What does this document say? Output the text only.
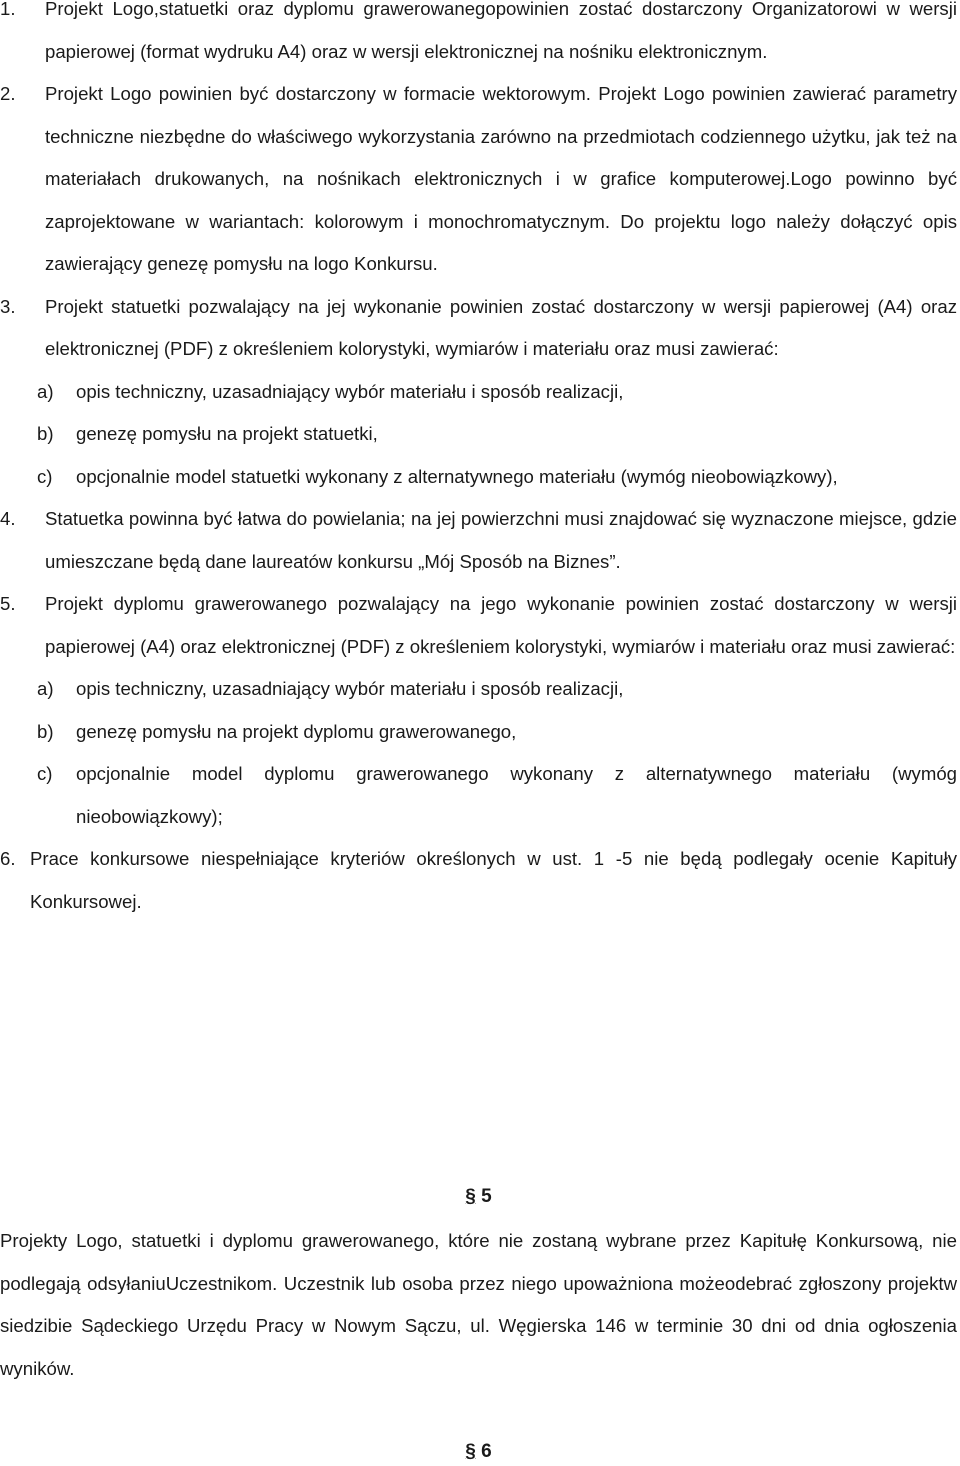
1. Projekt Logo,statuetki oraz dyplomu grawerowanegopowinien zostać dostarczony Organizatorowi w wersji papierowej (format wydruku A4) oraz w wersji elektronicznej na nośniku elektronicznym.
2. Projekt Logo powinien być dostarczony w formacie wektorowym. Projekt Logo powinien zawierać parametry techniczne niezbędne do właściwego wykorzystania zarówno na przedmiotach codziennego użytku, jak też na materiałach drukowanych, na nośnikach elektronicznych i w grafice komputerowej.Logo powinno być zaprojektowane w wariantach: kolorowym i monochromatycznym. Do projektu logo należy dołączyć opis zawierający genezę pomysłu na logo Konkursu.
3. Projekt statuetki pozwalający na jej wykonanie powinien zostać dostarczony w wersji papierowej (A4) oraz elektronicznej (PDF) z określeniem kolorystyki, wymiarów i materiału oraz musi zawierać:
a) opis techniczny, uzasadniający wybór materiału i sposób realizacji,
b) genezę pomysłu na projekt statuetki,
c) opcjonalnie model statuetki wykonany z alternatywnego materiału (wymóg nieobowiązkowy),
4. Statuetka powinna być łatwa do powielania; na jej powierzchni musi znajdować się wyznaczone miejsce, gdzie umieszczane będą dane laureatów konkursu „Mój Sposób na Biznes”.
5. Projekt dyplomu grawerowanego pozwalający na jego wykonanie powinien zostać dostarczony w wersji papierowej (A4) oraz elektronicznej (PDF) z określeniem kolorystyki, wymiarów i materiału oraz musi zawierać:
a) opis techniczny, uzasadniający wybór materiału i sposób realizacji,
b) genezę pomysłu na projekt dyplomu grawerowanego,
c) opcjonalnie model dyplomu grawerowanego wykonany z alternatywnego materiału (wymóg nieobowiązkowy);
6. Prace konkursowe niespełniające kryteriów określonych w ust. 1 -5 nie będą podlegały ocenie Kapituły Konkursowej.
§ 5
Projekty Logo, statuetki i dyplomu grawerowanego, które nie zostaną wybrane przez Kapitułę Konkursową, nie podlegają odsyłaniuUczestnikom. Uczestnik lub osoba przez niego upoważniona możeodebrać zgłoszony projektw siedzibie Sądeckiego Urzędu Pracy w Nowym Sączu, ul. Węgierska 146 w terminie 30 dni od dnia ogłoszenia wyników.
§ 6
